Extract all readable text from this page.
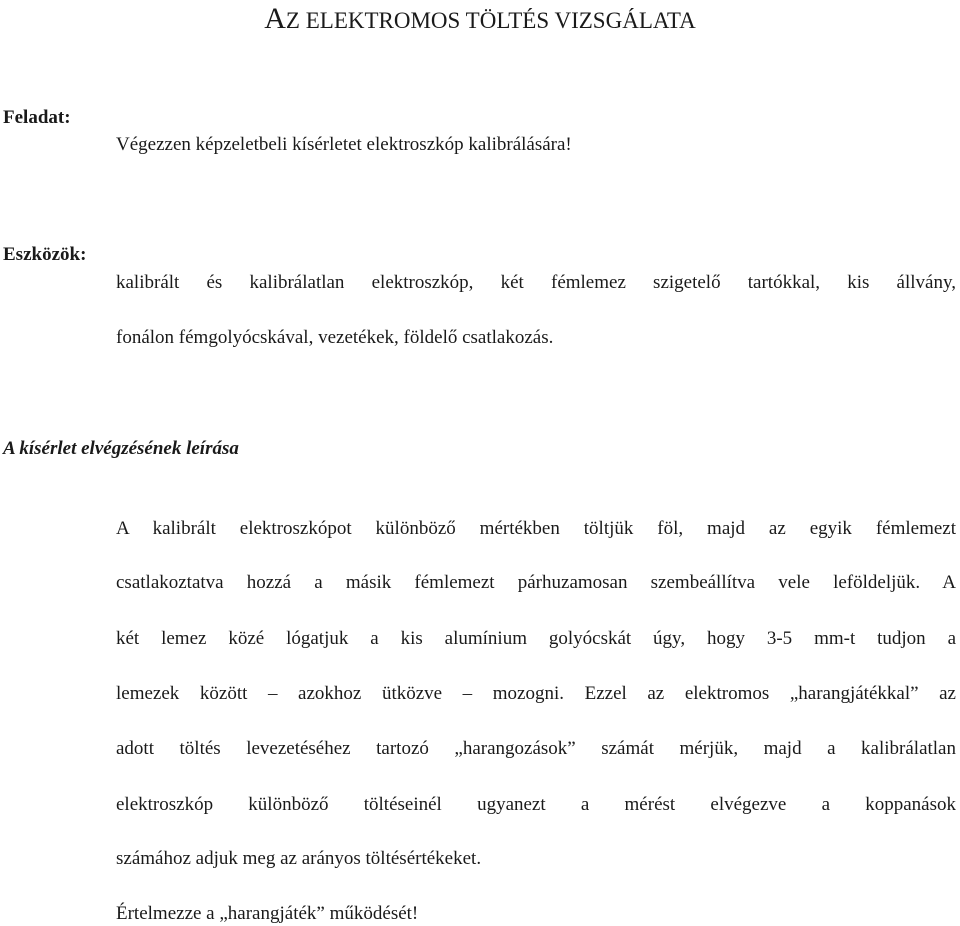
AZ ELEKTROMOS TÖLTÉS VIZSGÁLATA
Feladat:
Végezzen képzeletbeli kísérletet elektroszkóp kalibrálására!
Eszközök:
kalibrált és kalibrálatlan elektroszkóp, két fémlemez szigetelő tartókkal, kis állvány,
fonálon fémgolyócskával, vezetékek, földelő csatlakozás.
A kísérlet elvégzésének leírása
A kalibrált elektroszkópot különböző mértékben töltjük föl, majd az egyik fémlemezt
csatlakoztatva hozzá a másik fémlemezt párhuzamosan szembeállítva vele leföldeljük. A
két lemez közé lógatjuk a kis alumínium golyócskát úgy, hogy 3-5 mm-t tudjon a
lemezek között – azokhoz ütközve – mozogni. Ezzel az elektromos „harangjátékkal” az
adott töltés levezetéséhez tartozó „harangozások” számát mérjük, majd a kalibrálatlan
elektroszkóp különböző töltéseinél ugyanezt a mérést elvégezve a koppanások
számához adjuk meg az arányos töltésértékeket.
Értelmezze a „harangjáték” működését!
